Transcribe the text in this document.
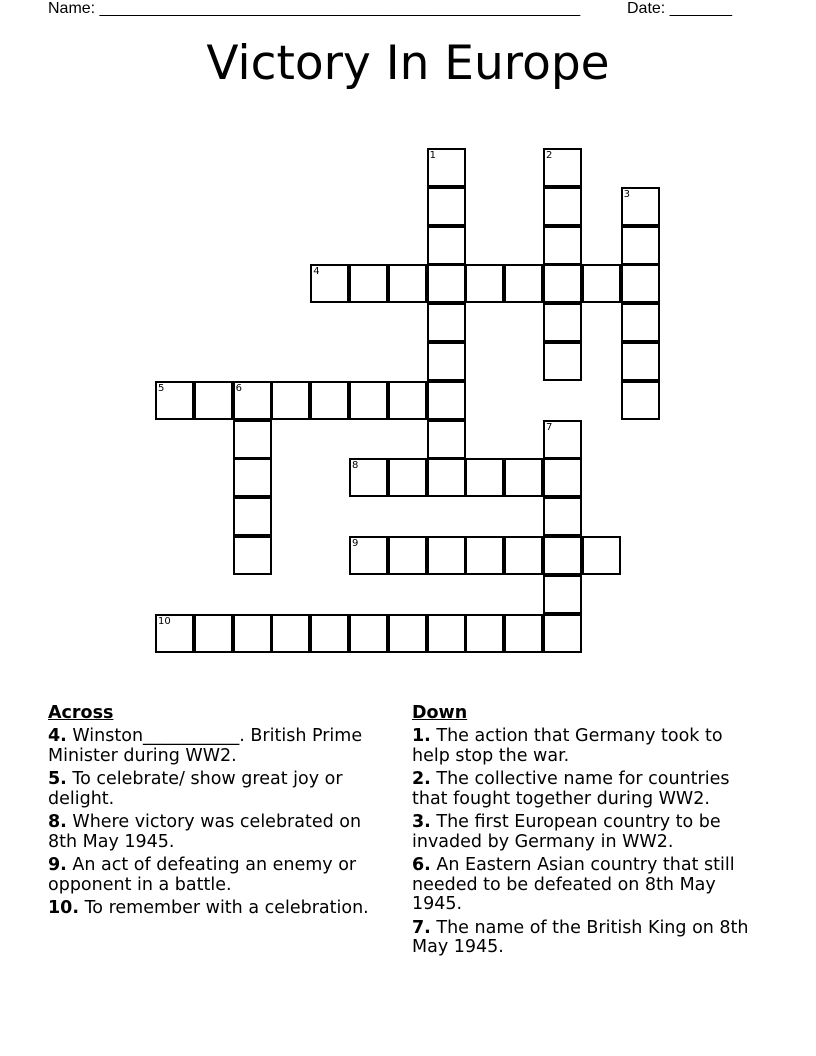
Name: ______________________________________________________	Date: _______
Victory In Europe
1	2
3
4
5	6
7
8
9
10
Across
4. Winston___________. British Prime Minister during WW2.
5. To celebrate/ show great joy or delight.
8. Where victory was celebrated on 8th May 1945.
9. An act of defeating an enemy or opponent in a battle.
10. To remember with a celebration.
Down
1. The action that Germany took to help stop the war.
2. The collective name for countries that fought together during WW2.
3. The first European country to be invaded by Germany in WW2.
6. An Eastern Asian country that still needed to be defeated on 8th May 1945.
7. The name of the British King on 8th May 1945.
